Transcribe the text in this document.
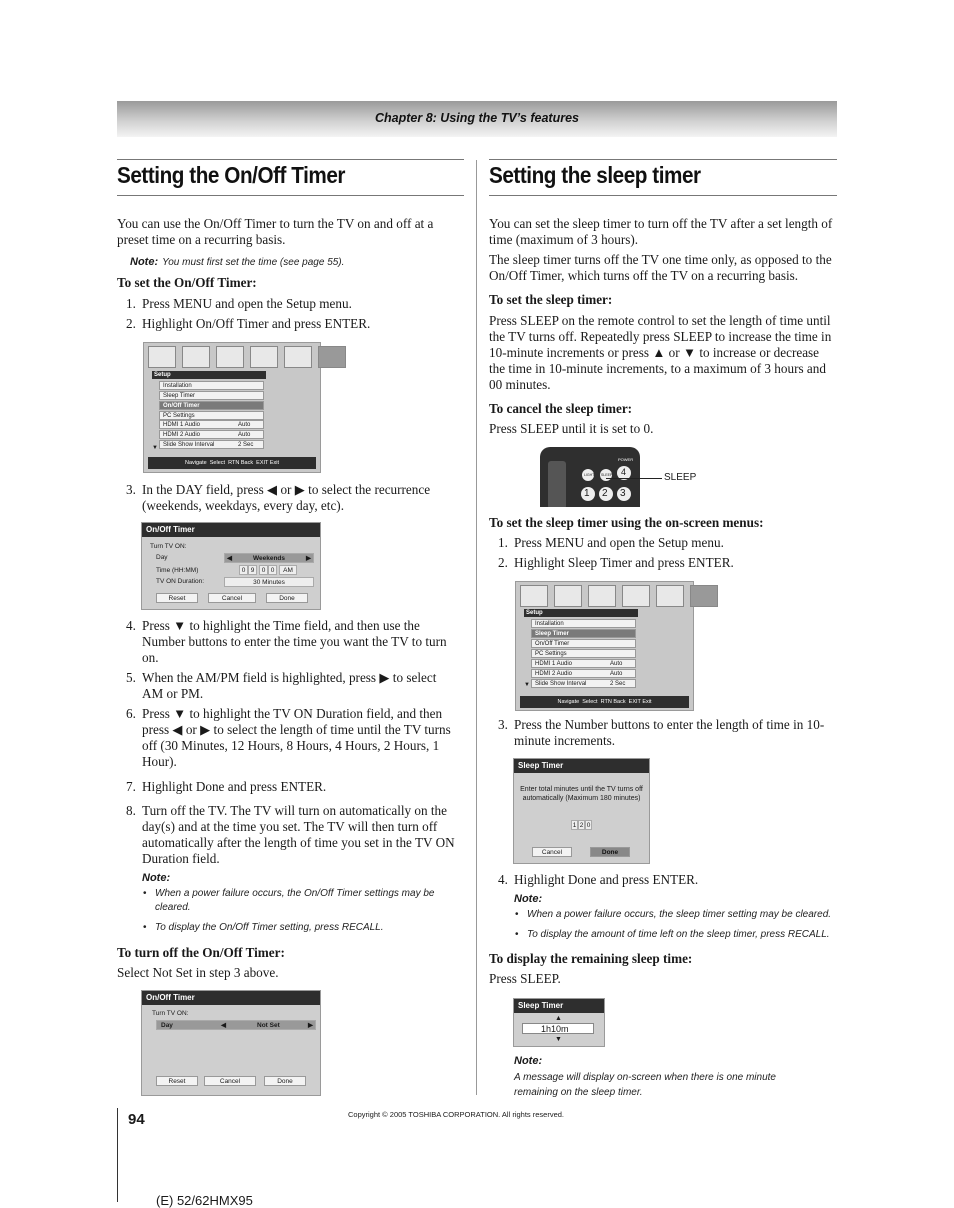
Chapter 8: Using the TV’s features
Setting the On/Off Timer

You can use the On/Off Timer to turn the TV on and off at a preset time on a recurring basis.

Note: You must first set the time (see page 55).

To set the On/Off Timer:

1. Press MENU and open the Setup menu.
2. Highlight On/Off Timer and press ENTER.
Setup
Installation
Sleep Timer
On/Off Timer
PC Settings
HDMI 1 Audio	Auto
HDMI 2 Audio	Auto
Slide Show Interval	2 Sec
▼
Navigate Select RTN Back EXIT Exit
3. In the DAY field, press ◀ or ▶ to select the recurrence (weekends, weekdays, every day, etc).
On/Off Timer
Turn TV ON:
Day	◀	Weekends	▶
Time (HH:MM)	0 9	0 0	AM
TV ON Duration:	30 Minutes
Reset	Cancel	Done
4. Press ▼ to highlight the Time field, and then use the Number buttons to enter the time you want the TV to turn on.
5. When the AM/PM field is highlighted, press ▶ to select AM or PM.
6. Press ▼ to highlight the TV ON Duration field, and then press ◀ or ▶ to select the length of time until the TV turns off (30 Minutes, 12 Hours, 8 Hours, 4 Hours, 2 Hours, 1 Hour).
7. Highlight Done and press ENTER.
8. Turn off the TV. The TV will turn on automatically on the day(s) and at the time you set. The TV will then turn off automatically after the length of time you set in the TV ON Duration field.
Note:
• When a power failure occurs, the On/Off Timer settings may be cleared.
• To display the On/Off Timer setting, press RECALL.

To turn off the On/Off Timer:

Select Not Set in step 3 above.

On/Off Timer
Turn TV ON:
Day	◀	Not Set	▶
Reset	Cancel	Done
Setting the sleep timer

You can set the sleep timer to turn off the TV after a set length of time (maximum of 3 hours).

The sleep timer turns off the TV one time only, as opposed to the On/Off Timer, which turns off the TV on a recurring basis.

To set the sleep timer:

Press SLEEP on the remote control to set the length of time until the TV turns off. Repeatedly press SLEEP to increase the time in 10-minute increments or press ▲ or ▼ to increase or decrease the time in 10-minute increments, to a maximum of 3 hours and 00 minutes.

To cancel the sleep timer:

Press SLEEP until it is set to 0.

POWER
LIGHT SLEEP 4
1 2 3
SLEEP

To set the sleep timer using the on-screen menus:

1. Press MENU and open the Setup menu.
2. Highlight Sleep Timer and press ENTER.
Setup
Installation
Sleep Timer
On/Off Timer
PC Settings
HDMI 1 Audio	Auto
HDMI 2 Audio	Auto
Slide Show Interval	2 Sec
▼
Navigate Select RTN Back EXIT Exit
3. Press the Number buttons to enter the length of time in 10-minute increments.
Sleep Timer
Enter total minutes until the TV turns off automatically (Maximum 180 minutes)
1 2 0
Cancel	Done
4. Highlight Done and press ENTER.
Note:
• When a power failure occurs, the sleep timer setting may be cleared.
• To display the amount of time left on the sleep timer, press RECALL.

To display the remaining sleep time:

Press SLEEP.

Sleep Timer
▲
1h10m
▼
Note:
A message will display on-screen when there is one minute remaining on the sleep timer.
94	Copyright © 2005 TOSHIBA CORPORATION. All rights reserved.
(E) 52/62HMX95
